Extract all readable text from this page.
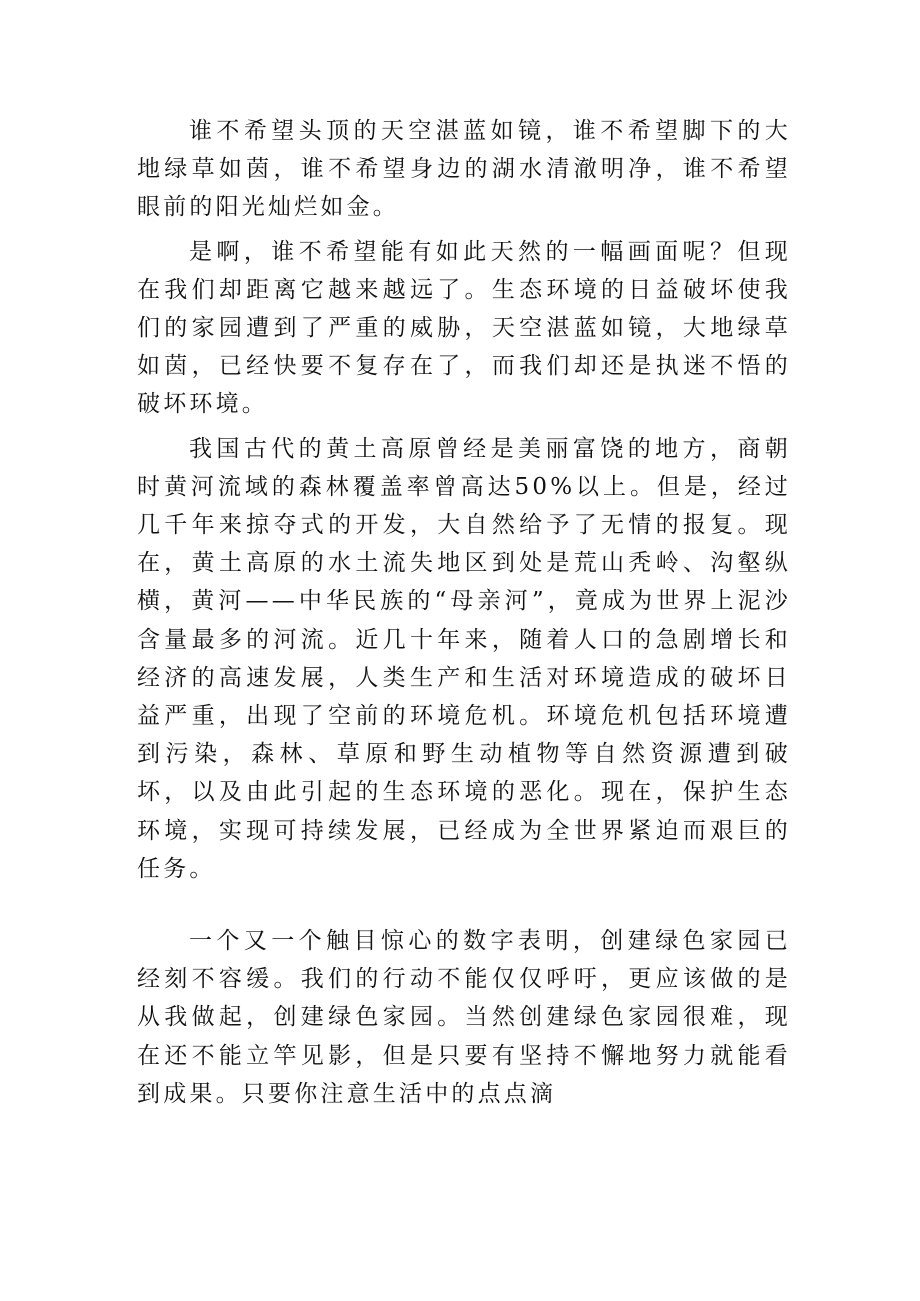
谁不希望头顶的天空湛蓝如镜，谁不希望脚下的大地绿草如茵，谁不希望身边的湖水清澈明净，谁不希望眼前的阳光灿烂如金。

是啊，谁不希望能有如此天然的一幅画面呢？但现在我们却距离它越来越远了。生态环境的日益破坏使我们的家园遭到了严重的威胁，天空湛蓝如镜，大地绿草如茵，已经快要不复存在了，而我们却还是执迷不悟的破坏环境。

我国古代的黄土高原曾经是美丽富饶的地方，商朝时黄河流域的森林覆盖率曾高达50%以上。但是，经过几千年来掠夺式的开发，大自然给予了无情的报复。现在，黄土高原的水土流失地区到处是荒山秃岭、沟壑纵横，黄河——中华民族的“母亲河”，竟成为世界上泥沙含量最多的河流。近几十年来，随着人口的急剧增长和经济的高速发展，人类生产和生活对环境造成的破坏日益严重，出现了空前的环境危机。环境危机包括环境遭到污染，森林、草原和野生动植物等自然资源遭到破坏，以及由此引起的生态环境的恶化。现在，保护生态环境，实现可持续发展，已经成为全世界紧迫而艰巨的任务。

一个又一个触目惊心的数字表明，创建绿色家园已经刻不容缓。我们的行动不能仅仅呼吁，更应该做的是从我做起，创建绿色家园。当然创建绿色家园很难，现在还不能立竿见影，但是只要有坚持不懈地努力就能看到成果。只要你注意生活中的点点滴
